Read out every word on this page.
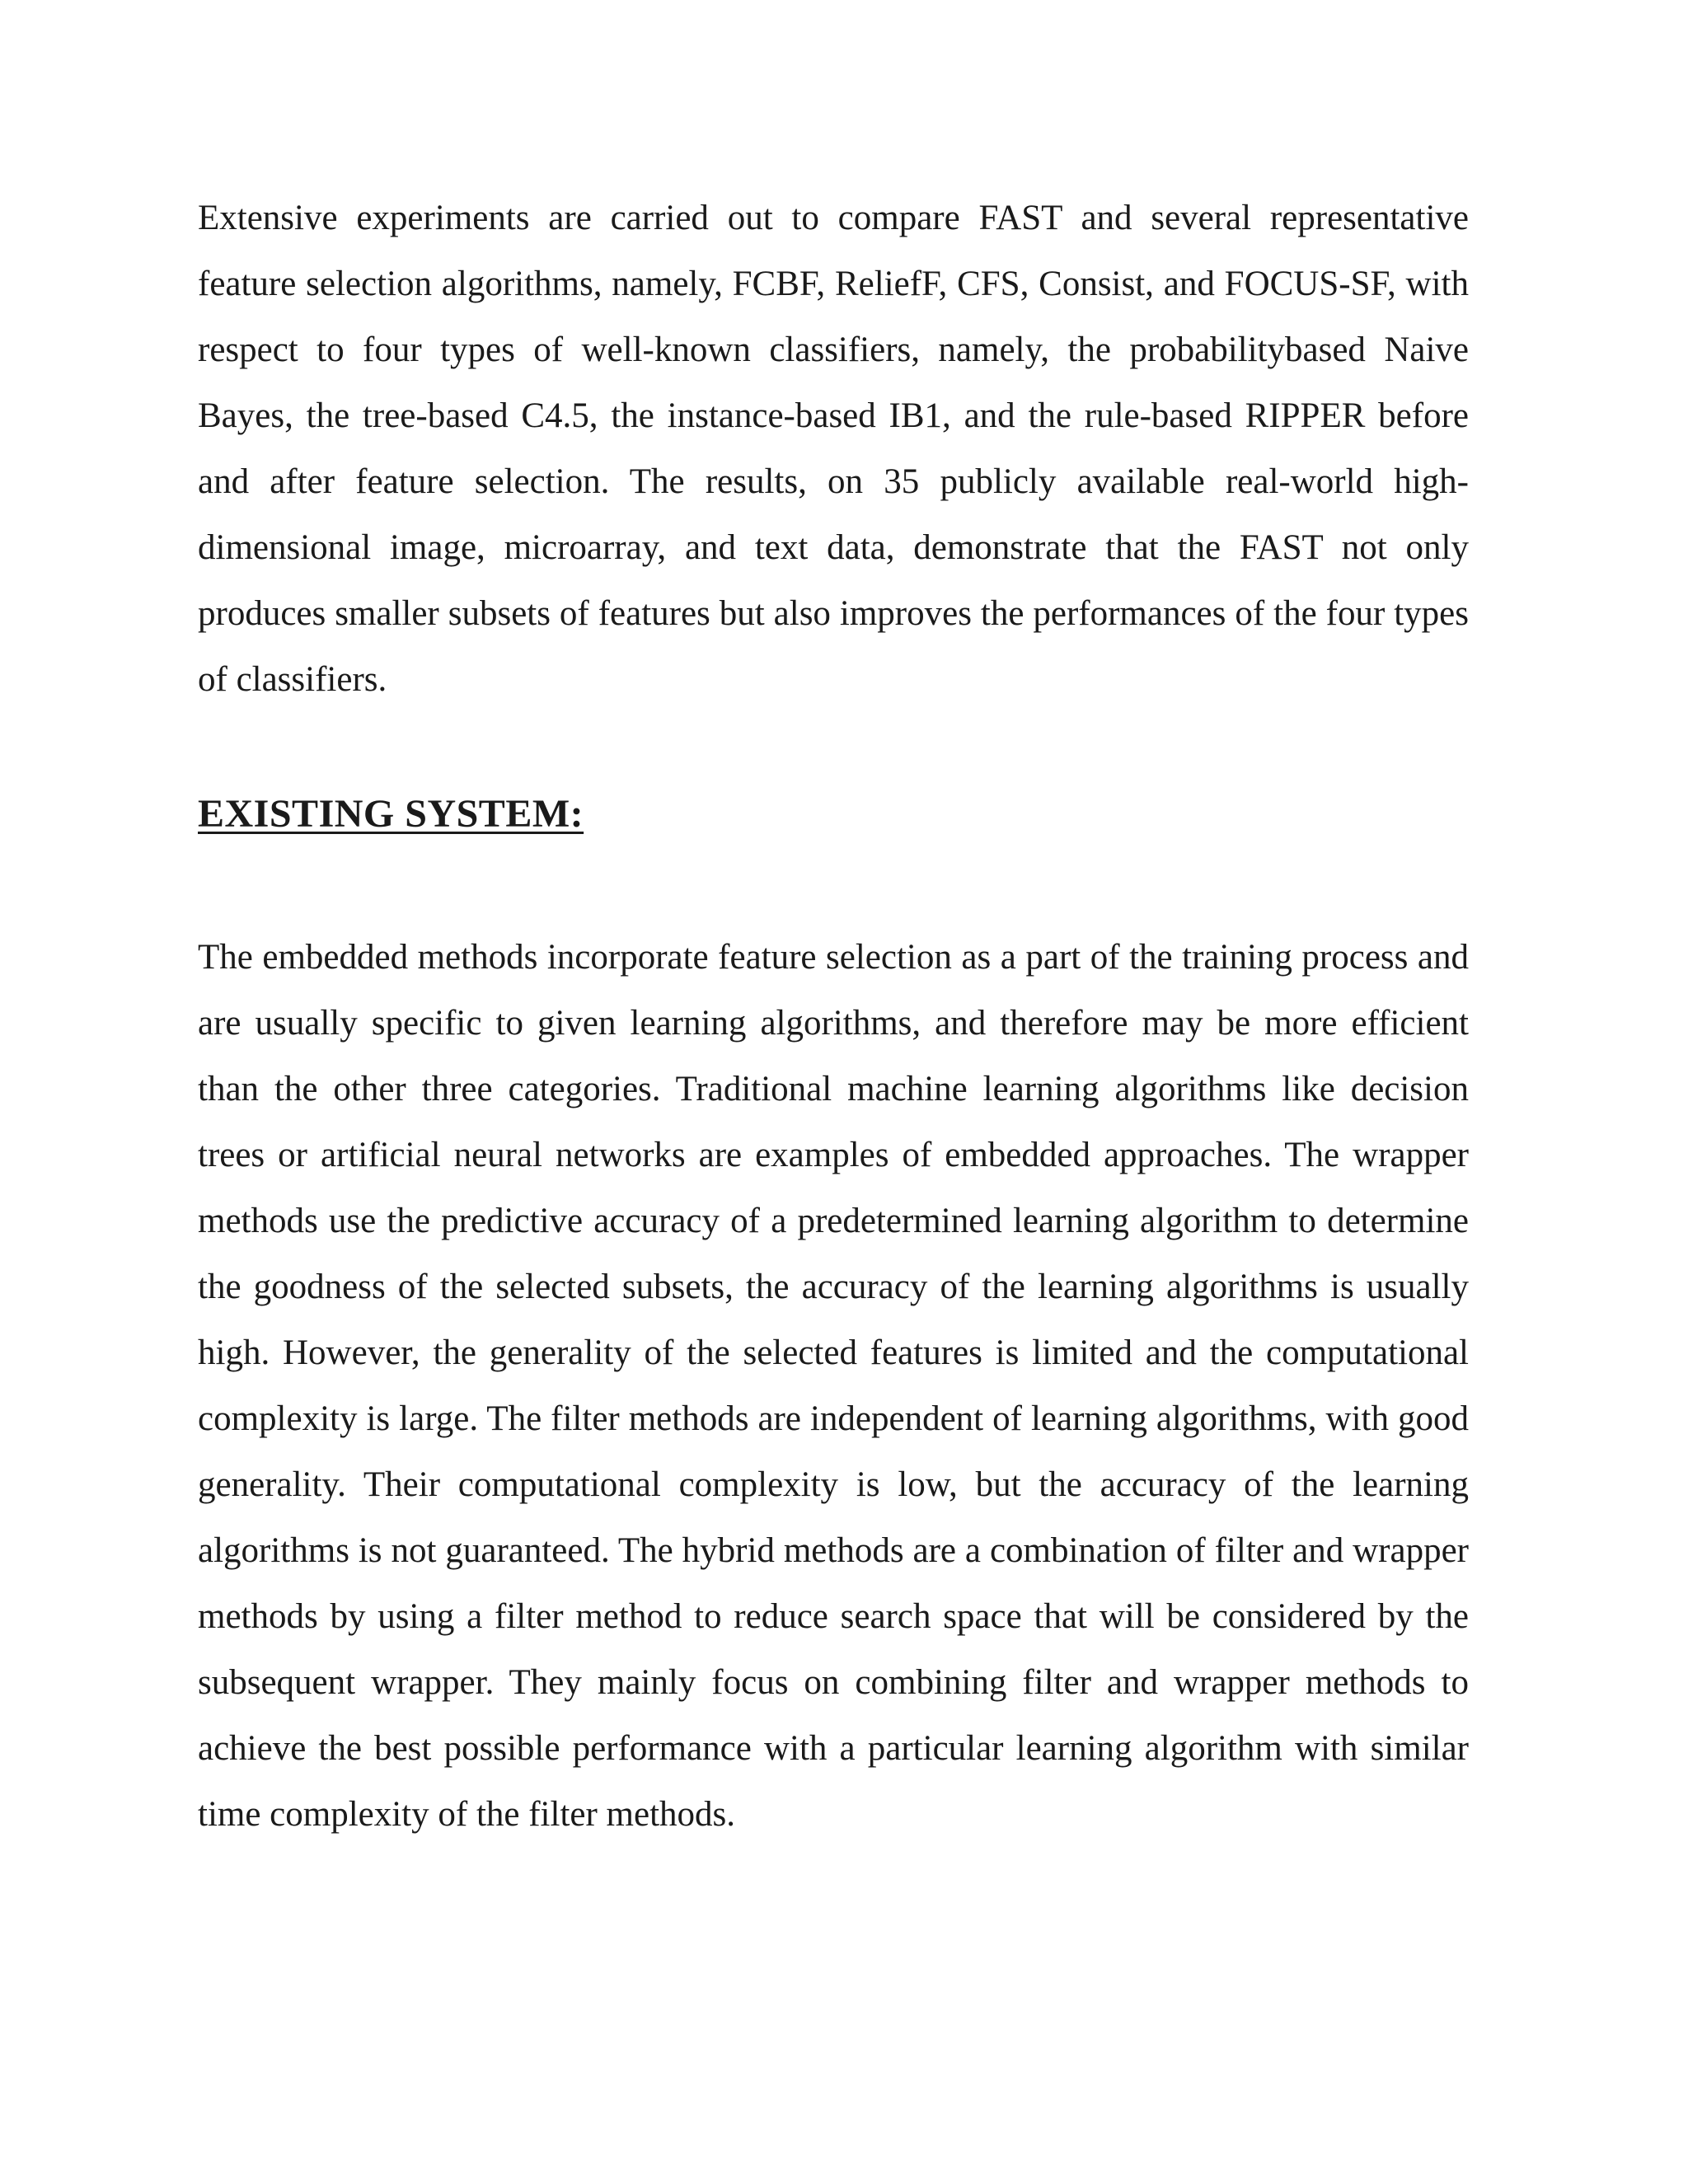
Extensive experiments are carried out to compare FAST and several representative feature selection algorithms, namely, FCBF, ReliefF, CFS, Consist, and FOCUS-SF, with respect to four types of well-known classifiers, namely, the probabilitybased Naive Bayes, the tree-based C4.5, the instance-based IB1, and the rule-based RIPPER before and after feature selection. The results, on 35 publicly available real-world high-dimensional image, microarray, and text data, demonstrate that the FAST not only produces smaller subsets of features but also improves the performances of the four types of classifiers.

EXISTING SYSTEM:

The embedded methods incorporate feature selection as a part of the training process and are usually specific to given learning algorithms, and therefore may be more efficient than the other three categories. Traditional machine learning algorithms like decision trees or artificial neural networks are examples of embedded approaches. The wrapper methods use the predictive accuracy of a predetermined learning algorithm to determine the goodness of the selected subsets, the accuracy of the learning algorithms is usually high. However, the generality of the selected features is limited and the computational complexity is large. The filter methods are independent of learning algorithms, with good generality. Their computational complexity is low, but the accuracy of the learning algorithms is not guaranteed. The hybrid methods are a combination of filter and wrapper methods by using a filter method to reduce search space that will be considered by the subsequent wrapper. They mainly focus on combining filter and wrapper methods to achieve the best possible performance with a particular learning algorithm with similar time complexity of the filter methods.
